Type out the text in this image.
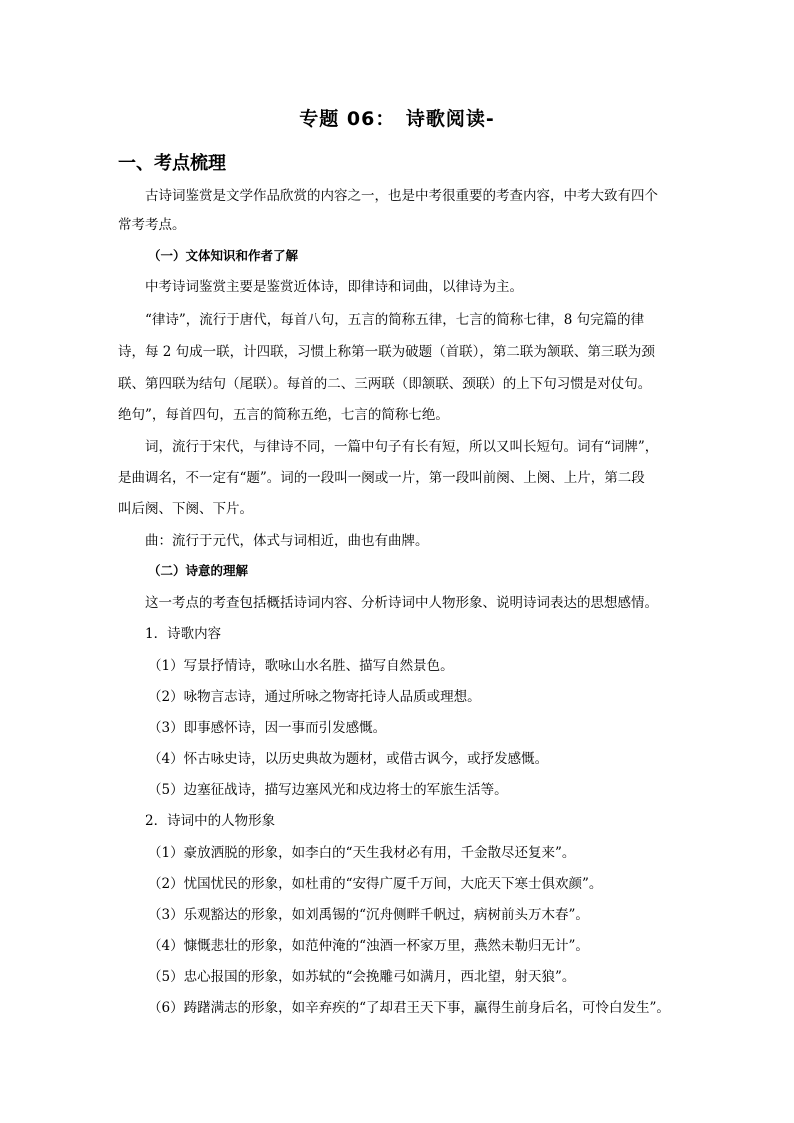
专题 06：　诗歌阅读-
一、考点梳理
古诗词鉴赏是文学作品欣赏的内容之一，也是中考很重要的考查内容，中考大致有四个
常考考点。
（一）文体知识和作者了解
中考诗词鉴赏主要是鉴赏近体诗，即律诗和词曲，以律诗为主。
“律诗”，流行于唐代，每首八句，五言的简称五律，七言的简称七律，8 句完篇的律
诗，每 2 句成一联，计四联，习惯上称第一联为破题（首联），第二联为颔联、第三联为颈
联、第四联为结句（尾联）。每首的二、三两联（即颔联、颈联）的上下句习惯是对仗句。
绝句”，每首四句，五言的简称五绝，七言的简称七绝。
词，流行于宋代，与律诗不同，一篇中句子有长有短，所以又叫长短句。词有“词牌”，
是曲调名，不一定有“题”。词的一段叫一阕或一片，第一段叫前阕、上阕、上片，第二段
叫后阕、下阕、下片。
曲：流行于元代，体式与词相近，曲也有曲牌。
（二）诗意的理解
这一考点的考查包括概括诗词内容、分析诗词中人物形象、说明诗词表达的思想感情。
1．诗歌内容
（1）写景抒情诗，歌咏山水名胜、描写自然景色。
（2）咏物言志诗，通过所咏之物寄托诗人品质或理想。
（3）即事感怀诗，因一事而引发感慨。
（4）怀古咏史诗，以历史典故为题材，或借古讽今，或抒发感慨。
（5）边塞征战诗，描写边塞风光和戍边将士的军旅生活等。
2．诗词中的人物形象
（1）豪放洒脱的形象，如李白的“天生我材必有用，千金散尽还复来”。
（2）忧国忧民的形象，如杜甫的“安得广厦千万间，大庇天下寒士俱欢颜”。
（3）乐观豁达的形象，如刘禹锡的“沉舟侧畔千帆过，病树前头万木春”。
（4）慷慨悲壮的形象，如范仲淹的“浊酒一杯家万里，燕然未勒归无计”。
（5）忠心报国的形象，如苏轼的“会挽雕弓如满月，西北望，射天狼”。
（6）踌躇满志的形象，如辛弃疾的“了却君王天下事，赢得生前身后名，可怜白发生”。
